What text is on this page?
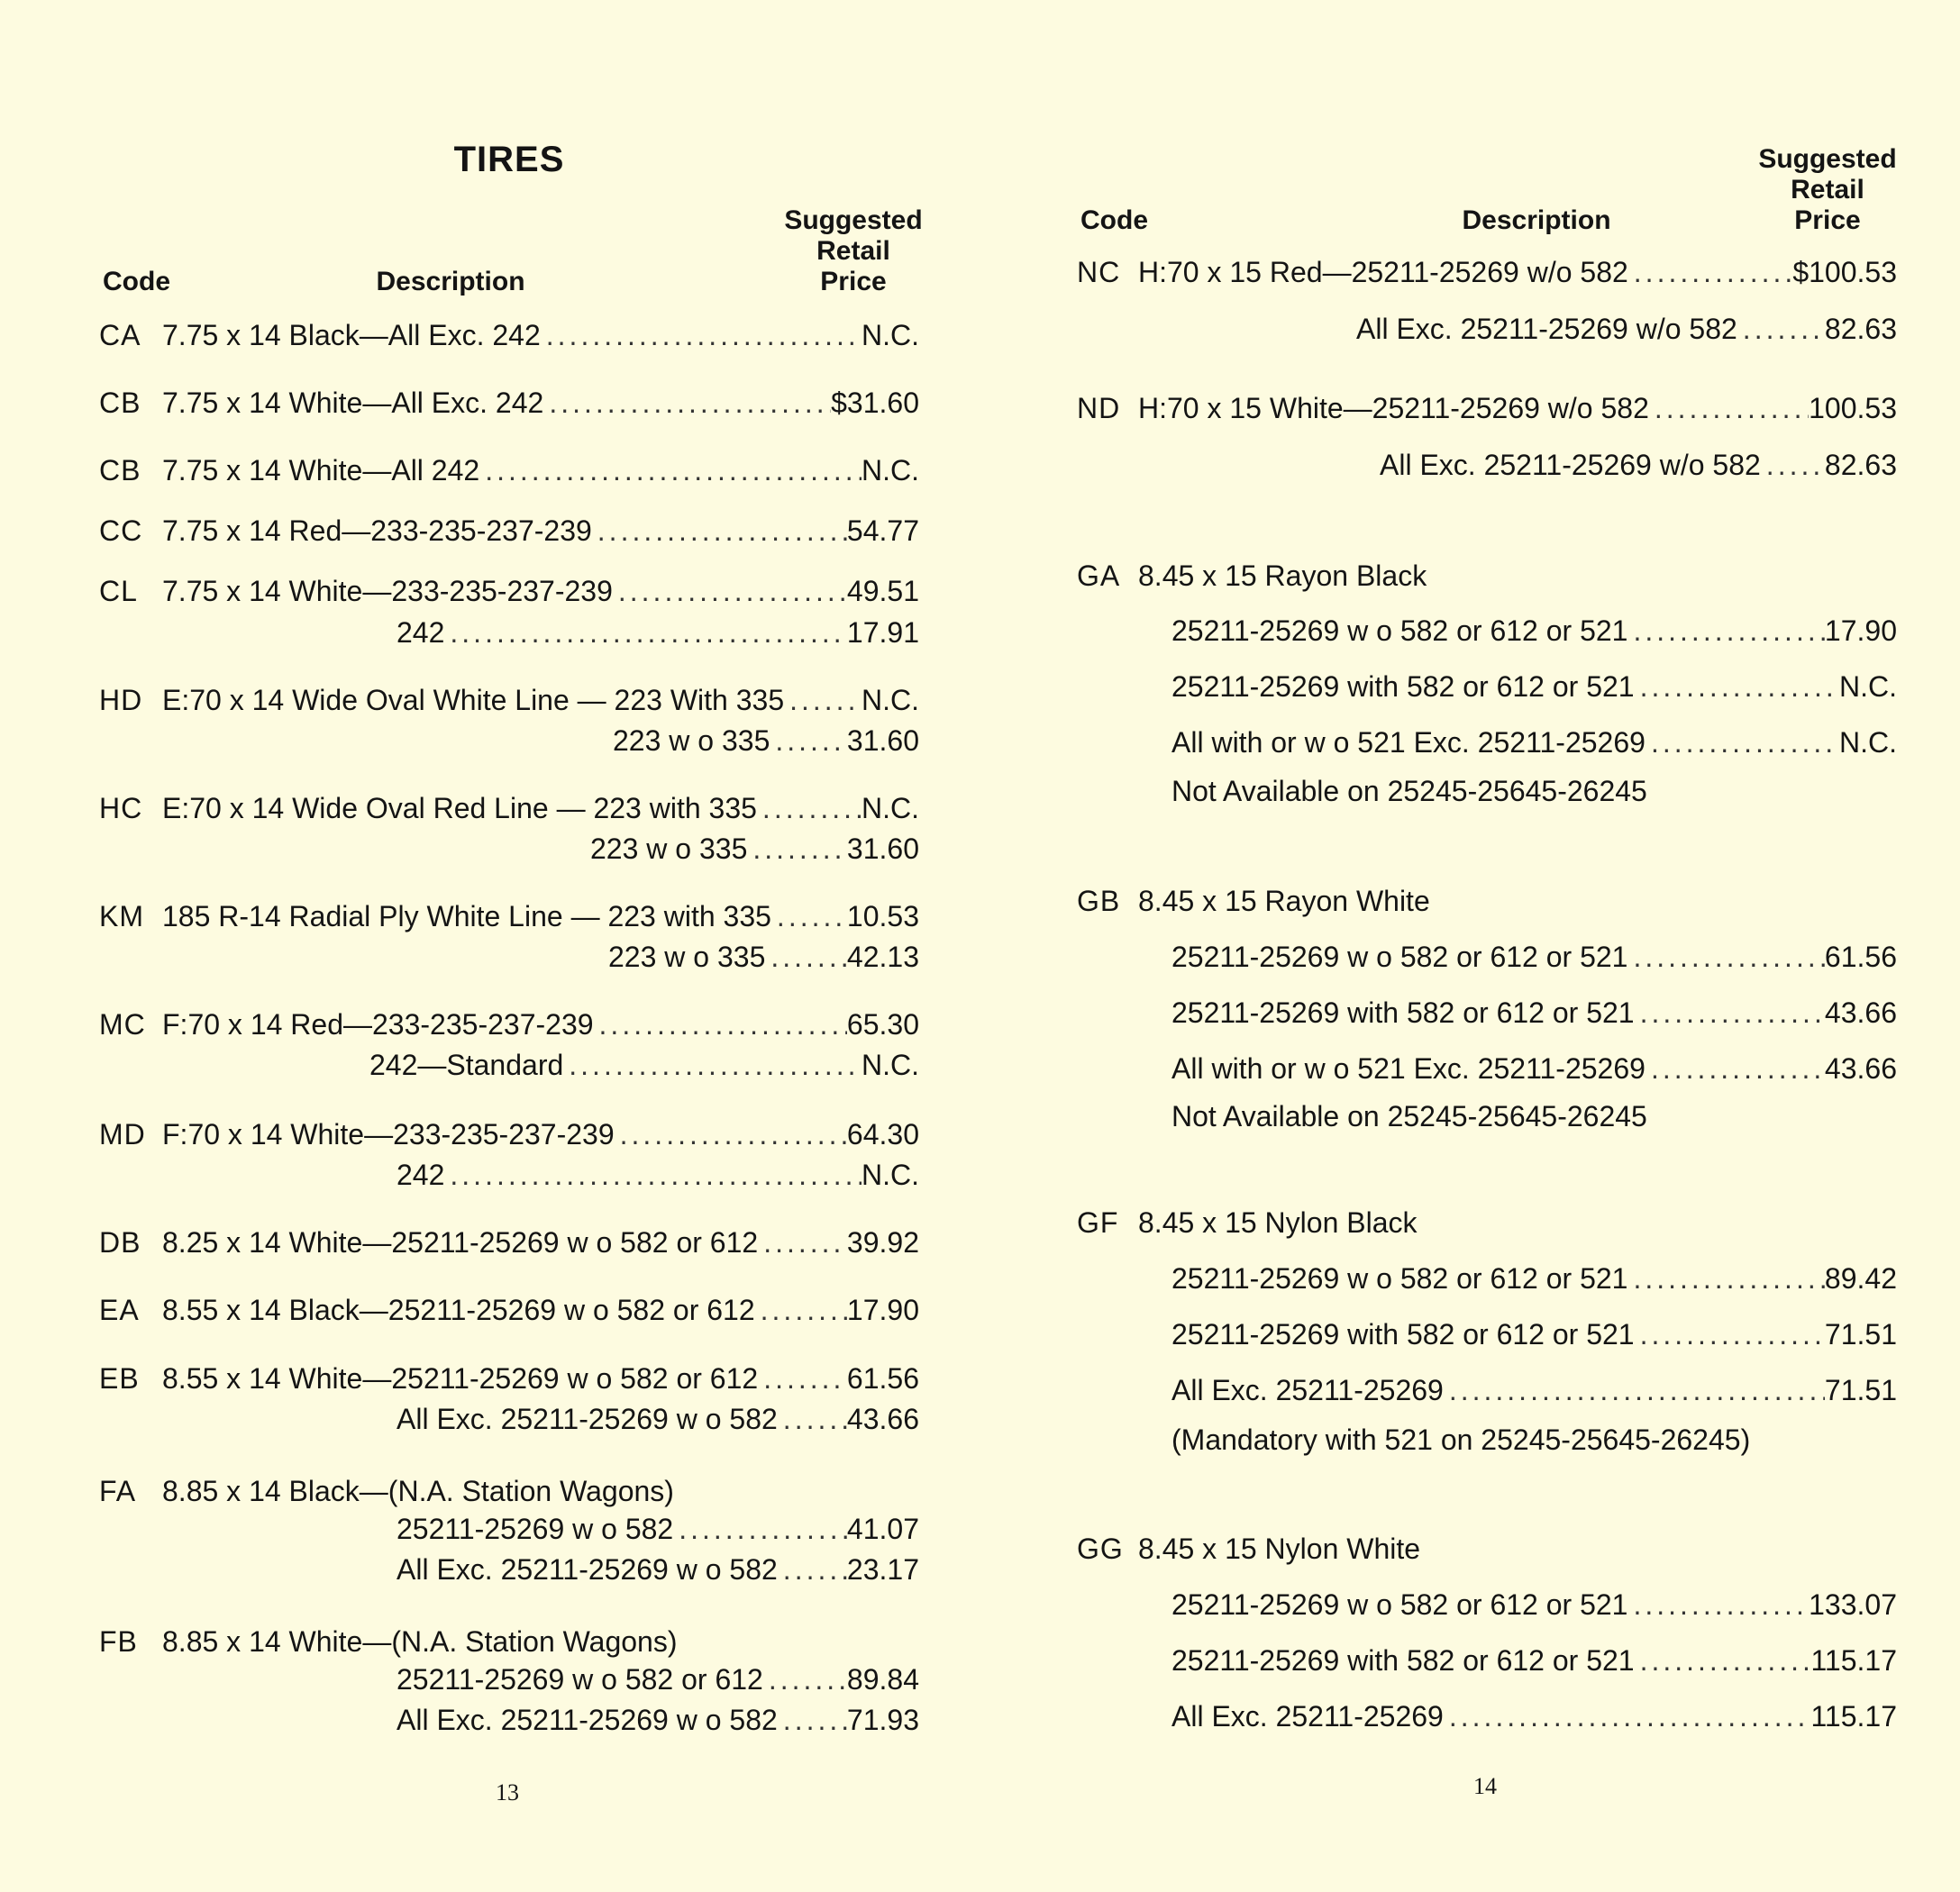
TIRES
Code	Description
Suggested
Retail
Price
CA 7.75 x 14 Black—All Exc. 242 .....	N.C.
CB 7.75 x 14 White—All Exc. 242 .....	$31.60
CB 7.75 x 14 White—All 242 .....	N.C.
CC 7.75 x 14 Red—233-235-237-239 .....	54.77
CL 7.75 x 14 White—233-235-237-239 .....	49.51
242 .....	17.91
HD E:70 x 14 Wide Oval White Line — 223 With 335 .....	N.C.
223 w o 335 .....	31.60
HC E:70 x 14 Wide Oval Red Line — 223 with 335 .....	N.C.
223 w o 335 .....	31.60
KM 185 R-14 Radial Ply White Line — 223 with 335 .....	10.53
223 w o 335 .....	42.13
MC F:70 x 14 Red—233-235-237-239 .....	65.30
242—Standard .....	N.C.
MD F:70 x 14 White—233-235-237-239 .....	64.30
242 .....	N.C.
DB 8.25 x 14 White—25211-25269 w o 582 or 612 .....	39.92
EA 8.55 x 14 Black—25211-25269 w o 582 or 612 .....	17.90
EB 8.55 x 14 White—25211-25269 w o 582 or 612 .....	61.56
All Exc. 25211-25269 w o 582 ..... 43.66
FA 8.85 x 14 Black—(N.A. Station Wagons)
25211-25269 w o 582 .....	41.07
All Exc. 25211-25269 w o 582 ..... 23.17
FB 8.85 x 14 White—(N.A. Station Wagons)
25211-25269 w o 582 or 612 .....	89.84
All Exc. 25211-25269 w o 582 ..... 71.93
13
Code	Description
Suggested
Retail
Price
NC H:70 x 15 Red—25211-25269 w/o 582 .....	$100.53
All Exc. 25211-25269 w/o 582 .....	82.63
ND H:70 x 15 White—25211-25269 w/o 582 .....	100.53
All Exc. 25211-25269 w/o 582 ..... 82.63
GA 8.45 x 15 Rayon Black
25211-25269 w o 582 or 612 or 521 .....	17.90
25211-25269 with 582 or 612 or 521 .....	N.C.
All with or w o 521 Exc. 25211-25269 .....	N.C.
Not Available on 25245-25645-26245
GB 8.45 x 15 Rayon White
25211-25269 w o 582 or 612 or 521 .....	61.56
25211-25269 with 582 or 612 or 521 .....	43.66
All with or w o 521 Exc. 25211-25269 .....	43.66
Not Available on 25245-25645-26245
GF 8.45 x 15 Nylon Black
25211-25269 w o 582 or 612 or 521 .....	89.42
25211-25269 with 582 or 612 or 521 .....	71.51
All Exc. 25211-25269 .....	71.51
(Mandatory with 521 on 25245-25645-26245)
GG 8.45 x 15 Nylon White
25211-25269 w o 582 or 612 or 521 .....	133.07
25211-25269 with 582 or 612 or 521 .....	115.17
All Exc. 25211-25269 .....	115.17
14
